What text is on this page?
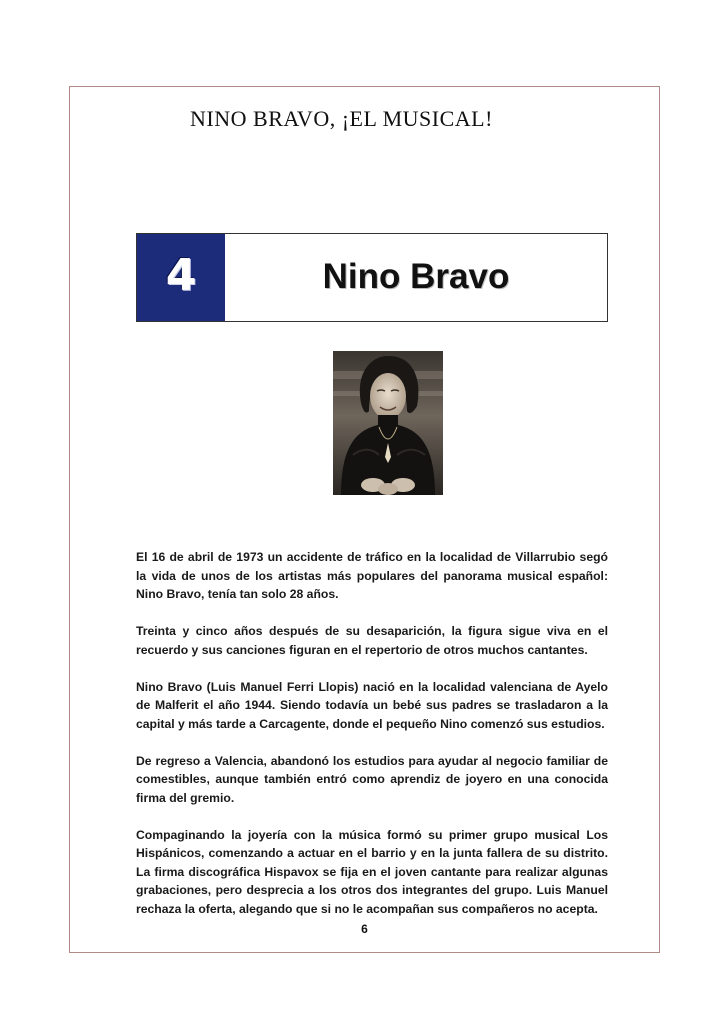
NINO BRAVO, ¡EL MUSICAL!
4	Nino Bravo

El 16 de abril de 1973 un accidente de tráfico en la localidad de Villarrubio segó la vida de unos de los artistas más populares del panorama musical español: Nino Bravo, tenía tan solo 28 años.

Treinta y cinco años después de su desaparición, la figura sigue viva en el recuerdo y sus canciones figuran en el repertorio de otros muchos cantantes.

Nino Bravo (Luis Manuel Ferri Llopis) nació en la localidad valenciana de Ayelo de Malferit el año 1944. Siendo todavía un bebé sus padres se trasladaron a la capital y más tarde a Carcagente, donde el pequeño Nino comenzó sus estudios.

De regreso a Valencia, abandonó los estudios para ayudar al negocio familiar de comestibles, aunque también entró como aprendiz de joyero en una conocida firma del gremio.

Compaginando la joyería con la música formó su primer grupo musical Los Hispánicos, comenzando a actuar en el barrio y en la junta fallera de su distrito. La firma discográfica Hispavox se fija en el joven cantante para realizar algunas grabaciones, pero desprecia a los otros dos integrantes del grupo. Luis Manuel rechaza la oferta, alegando que si no le acompañan sus compañeros no acepta.

6
